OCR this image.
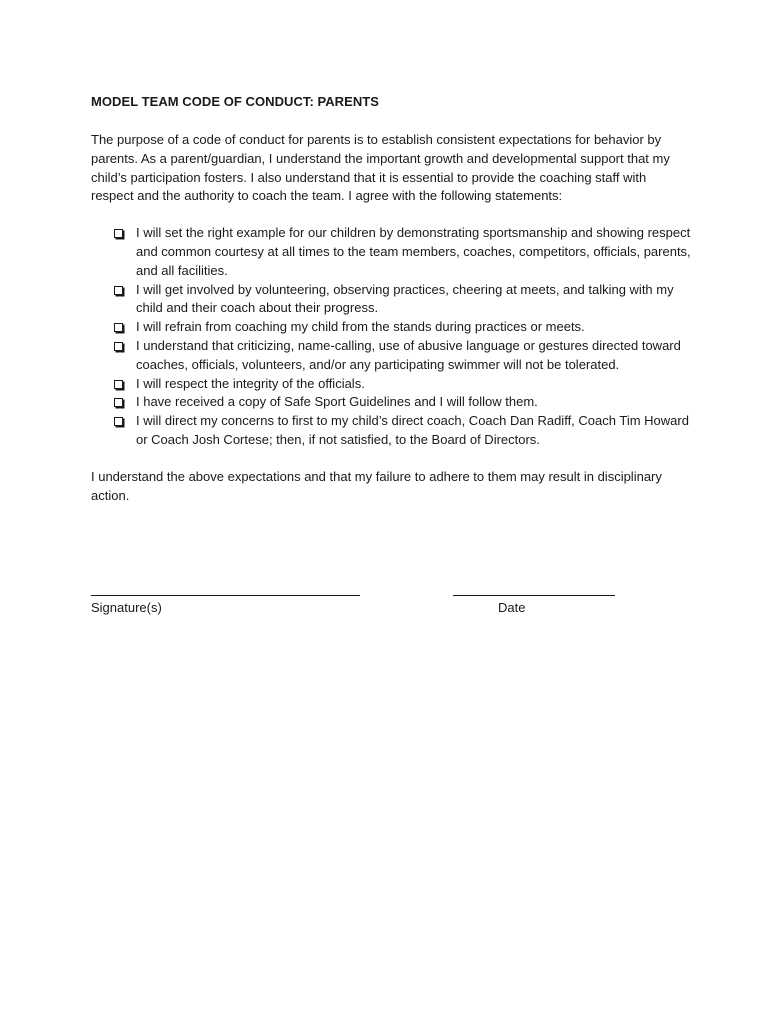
MODEL TEAM CODE OF CONDUCT: PARENTS

The purpose of a code of conduct for parents is to establish consistent expectations for behavior by parents. As a parent/guardian, I understand the important growth and developmental support that my child’s participation fosters. I also understand that it is essential to provide the coaching staff with respect and the authority to coach the team. I agree with the following statements:

I will set the right example for our children by demonstrating sportsmanship and showing respect and common courtesy at all times to the team members, coaches, competitors, officials, parents, and all facilities.
I will get involved by volunteering, observing practices, cheering at meets, and talking with my child and their coach about their progress.
I will refrain from coaching my child from the stands during practices or meets.
I understand that criticizing, name-calling, use of abusive language or gestures directed toward coaches, officials, volunteers, and/or any participating swimmer will not be tolerated.
I will respect the integrity of the officials.
I have received a copy of Safe Sport Guidelines and I will follow them.
I will direct my concerns to first to my child’s direct coach, Coach Dan Radiff, Coach Tim Howard or Coach Josh Cortese; then, if not satisfied, to the Board of Directors.

I understand the above expectations and that my failure to adhere to them may result in disciplinary action.

Signature(s)	Date
